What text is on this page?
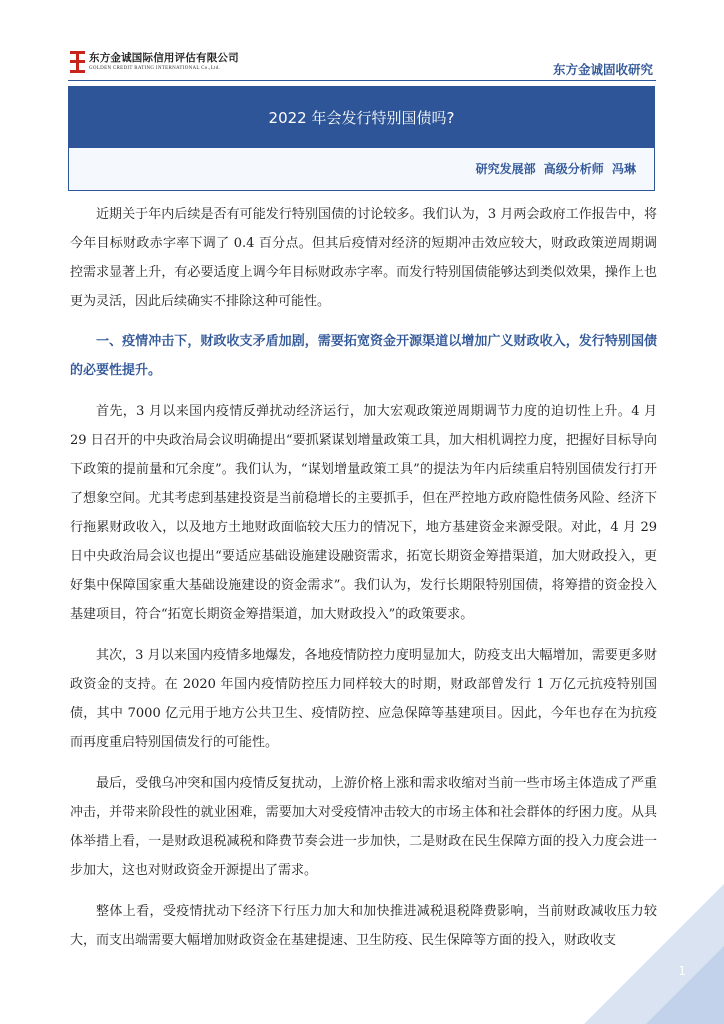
东方金诚国际信用评估有限公司
GOLDEN CREDIT RATING INTERNATIONAL Co.,Ltd.	东方金诚固收研究
2022 年会发行特别国债吗?
研究发展部 高级分析师 冯琳

近期关于年内后续是否有可能发行特别国债的讨论较多。我们认为，3 月两会政府工作报告中，将今年目标财政赤字率下调了 0.4 百分点。但其后疫情对经济的短期冲击效应较大，财政政策逆周期调控需求显著上升，有必要适度上调今年目标财政赤字率。而发行特别国债能够达到类似效果，操作上也更为灵活，因此后续确实不排除这种可能性。

一、疫情冲击下，财政收支矛盾加剧，需要拓宽资金开源渠道以增加广义财政收入，发行特别国债的必要性提升。

首先，3 月以来国内疫情反弹扰动经济运行，加大宏观政策逆周期调节力度的迫切性上升。4 月 29 日召开的中央政治局会议明确提出“要抓紧谋划增量政策工具，加大相机调控力度，把握好目标导向下政策的提前量和冗余度”。我们认为，“谋划增量政策工具”的提法为年内后续重启特别国债发行打开了想象空间。尤其考虑到基建投资是当前稳增长的主要抓手，但在严控地方政府隐性债务风险、经济下行拖累财政收入，以及地方土地财政面临较大压力的情况下，地方基建资金来源受限。对此，4 月 29 日中央政治局会议也提出“要适应基础设施建设融资需求，拓宽长期资金筹措渠道，加大财政投入，更好集中保障国家重大基础设施建设的资金需求”。我们认为，发行长期限特别国债，将筹措的资金投入基建项目，符合“拓宽长期资金筹措渠道，加大财政投入”的政策要求。

其次，3 月以来国内疫情多地爆发，各地疫情防控力度明显加大，防疫支出大幅增加，需要更多财政资金的支持。在 2020 年国内疫情防控压力同样较大的时期，财政部曾发行 1 万亿元抗疫特别国债，其中 7000 亿元用于地方公共卫生、疫情防控、应急保障等基建项目。因此，今年也存在为抗疫而再度重启特别国债发行的可能性。

最后，受俄乌冲突和国内疫情反复扰动，上游价格上涨和需求收缩对当前一些市场主体造成了严重冲击，并带来阶段性的就业困难，需要加大对受疫情冲击较大的市场主体和社会群体的纾困力度。从具体举措上看，一是财政退税减税和降费节奏会进一步加快，二是财政在民生保障方面的投入力度会进一步加大，这也对财政资金开源提出了需求。

整体上看，受疫情扰动下经济下行压力加大和加快推进减税退税降费影响，当前财政减收压力较大，而支出端需要大幅增加财政资金在基建提速、卫生防疫、民生保障等方面的投入，财政收支

1
